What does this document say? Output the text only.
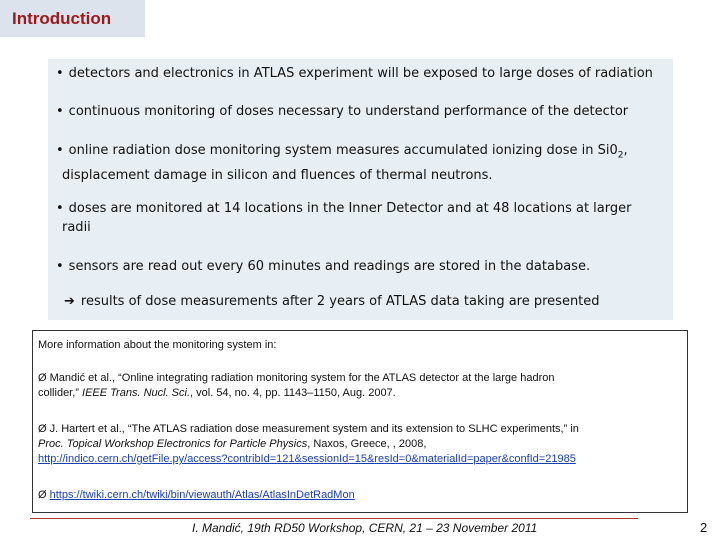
Introduction
• detectors and electronics in ATLAS experiment will be exposed to large doses of radiation
• continuous monitoring of doses necessary to understand performance of the detector
• online radiation dose monitoring system measures accumulated ionizing dose in $Si0_2$,
displacement damage in silicon and fluences of thermal neutrons.
• doses are monitored at 14 locations in the Inner Detector and at 48 locations at larger
radii
• sensors are read out every 60 minutes and readings are stored in the database.
➔ results of dose measurements after 2 years of ATLAS data taking are presented
More information about the monitoring system in:
Ø Mandić et al., “Online integrating radiation monitoring system for the ATLAS detector at the large hadron
collider,” IEEE Trans. Nucl. Sci., vol. 54, no. 4, pp. 1143–1150, Aug. 2007.
Ø J. Hartert et al., “The ATLAS radiation dose measurement system and its extension to SLHC experiments,” in
Proc. Topical Workshop Electronics for Particle Physics, Naxos, Greece, , 2008,
http://indico.cern.ch/getFile.py/access?contribId=121&sessionId=15&resId=0&materialId=paper&confId=21985
Ø https://twiki.cern.ch/twiki/bin/viewauth/Atlas/AtlasInDetRadMon
I. Mandić, 19th RD50 Workshop, CERN, 21 – 23 November 2011	2
